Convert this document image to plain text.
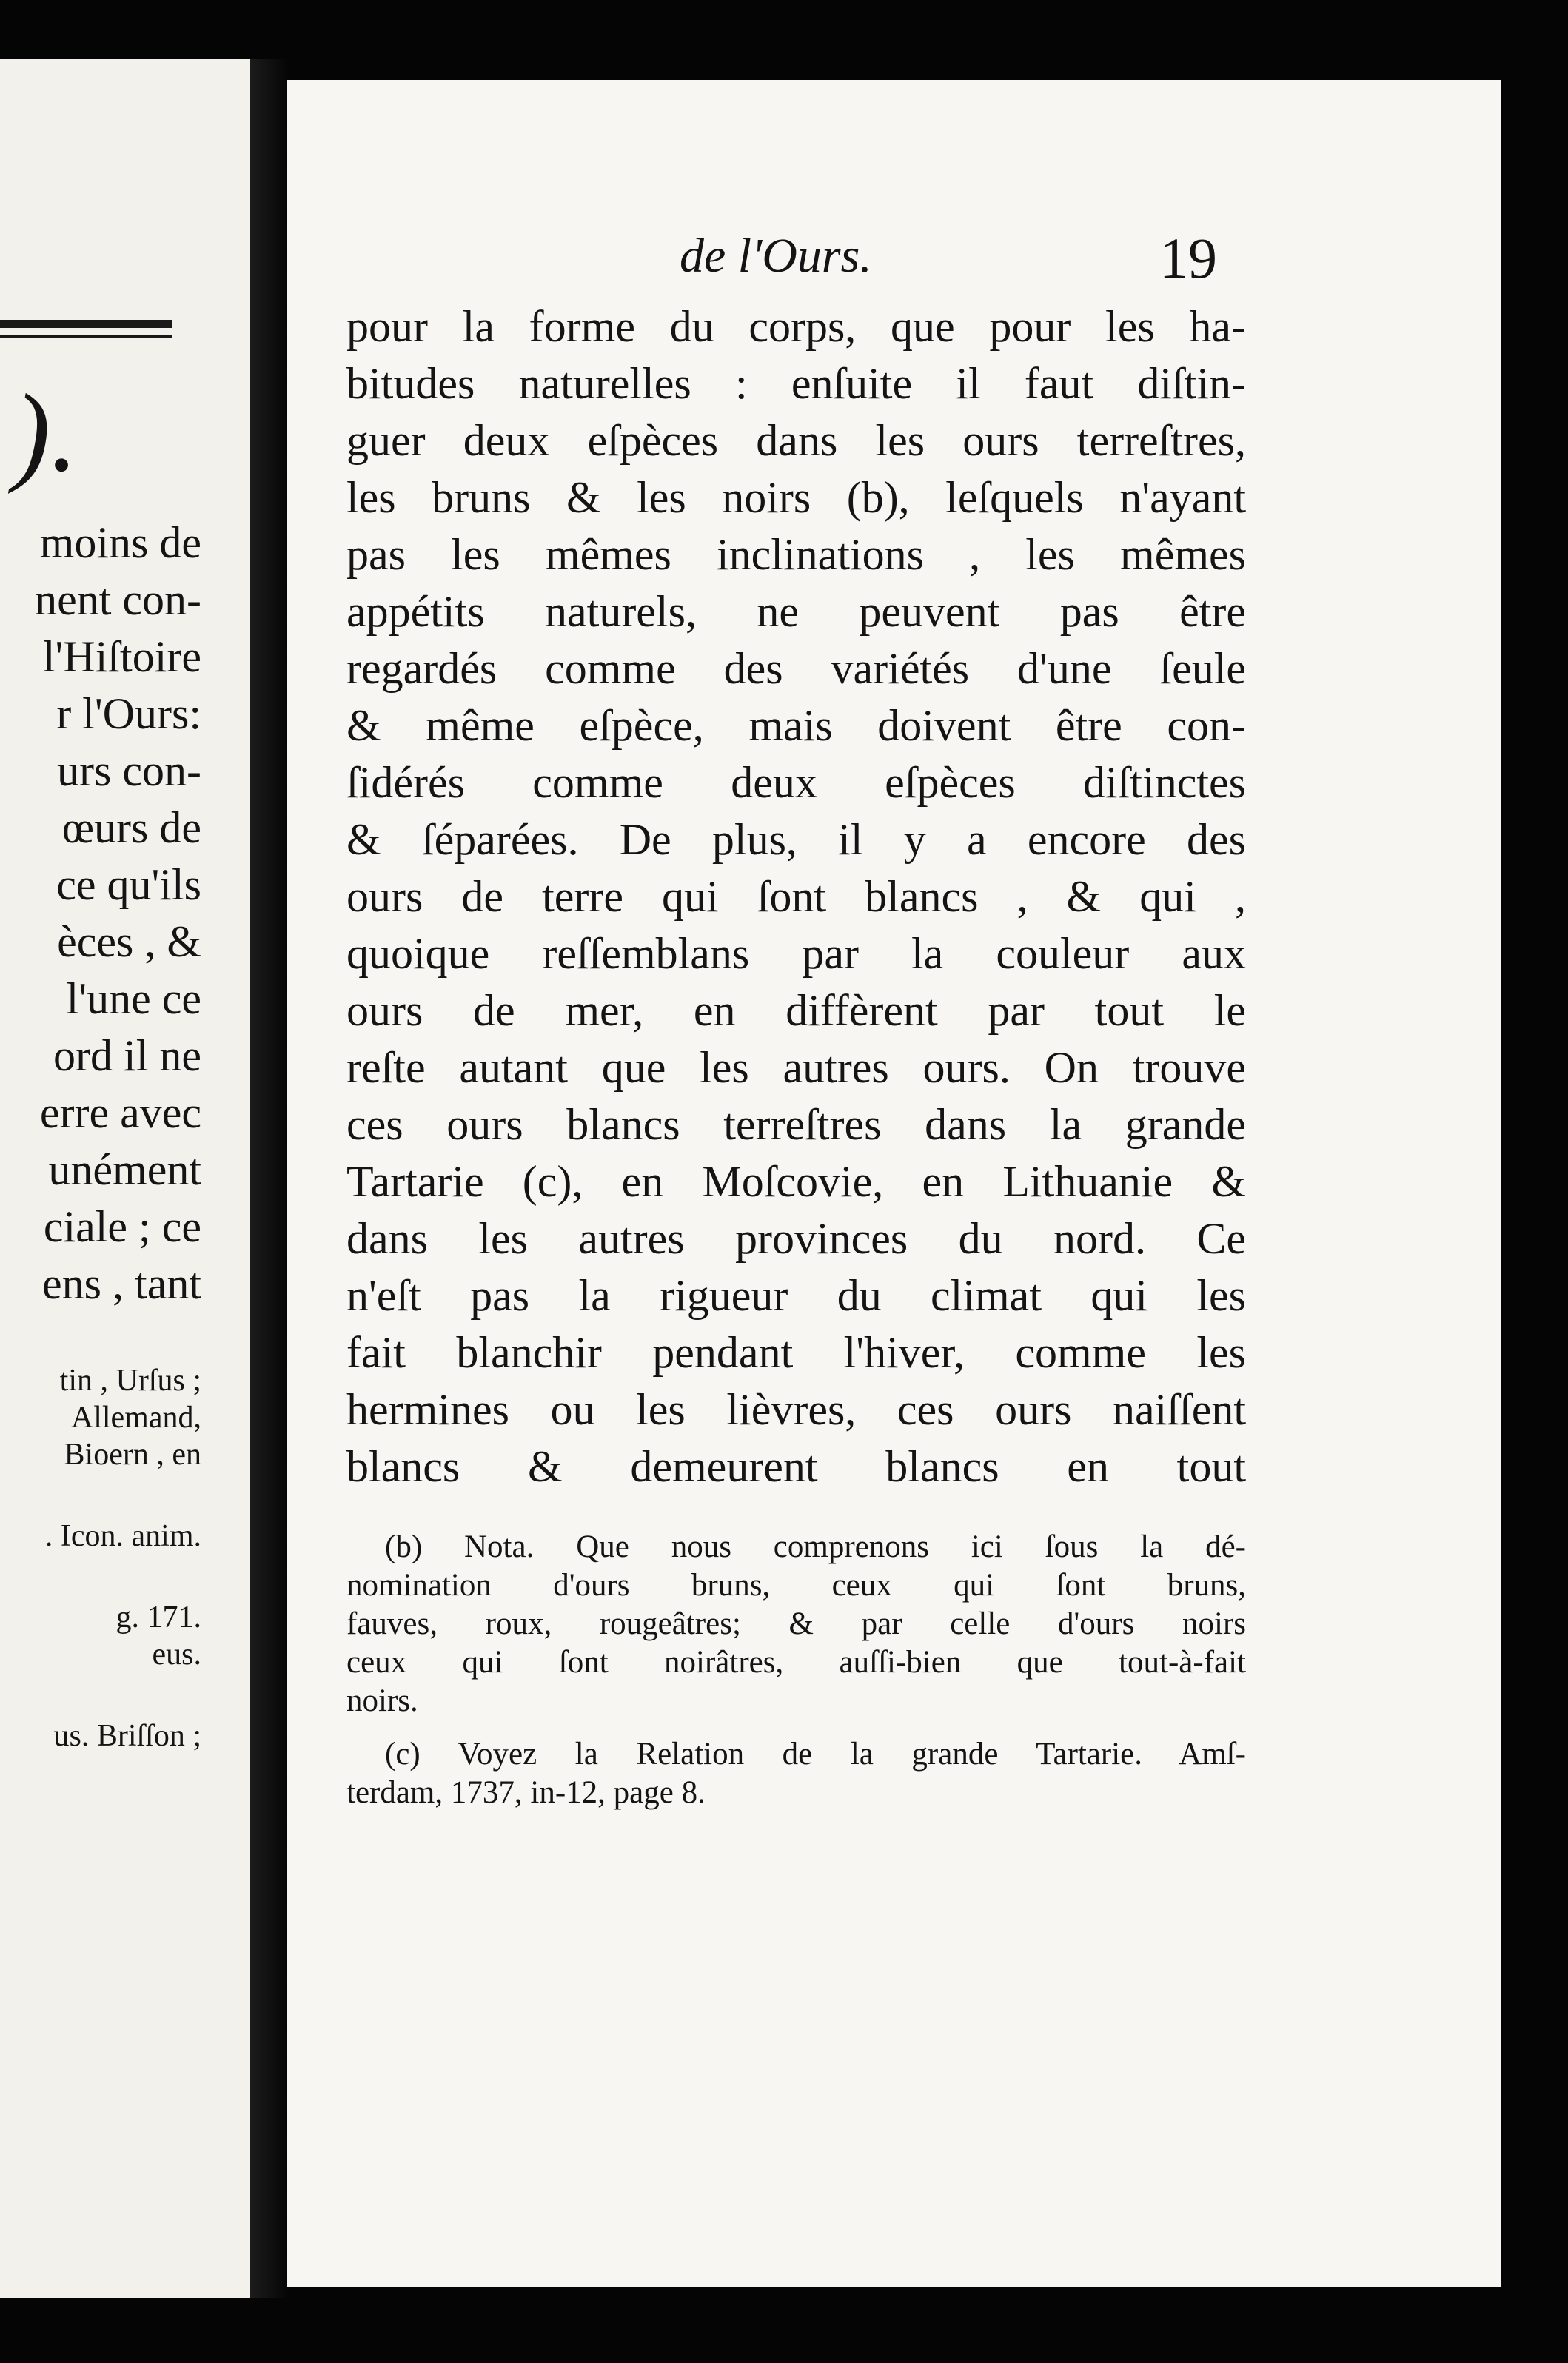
).
moins de
nent con-
l'Hiſtoire
r l'Ours:
urs con-
œurs de
ce qu'ils
èces , &
l'une ce
ord il ne
erre avec
unément
ciale ; ce
ens , tant
tin , Urſus ;
Allemand,
Bioern , en
. Icon. anim.
g. 171.
eus.
us. Briſſon ;
de l'Ours.	19
pour la forme du corps, que pour les ha-
bitudes naturelles : enſuite il faut diſtin-
guer deux eſpèces dans les ours terreſtres,
les bruns & les noirs (b), leſquels n'ayant
pas les mêmes inclinations , les mêmes
appétits naturels, ne peuvent pas être
regardés comme des variétés d'une ſeule
& même eſpèce, mais doivent être con-
ſidérés comme deux eſpèces diſtinctes
& ſéparées. De plus, il y a encore des
ours de terre qui ſont blancs , & qui ,
quoique reſſemblans par la couleur aux
ours de mer, en diffèrent par tout le
reſte autant que les autres ours. On trouve
ces ours blancs terreſtres dans la grande
Tartarie (c), en Moſcovie, en Lithuanie &
dans les autres provinces du nord. Ce
n'eſt pas la rigueur du climat qui les
fait blanchir pendant l'hiver, comme les
hermines ou les lièvres, ces ours naiſſent
blancs & demeurent blancs en tout
(b) Nota. Que nous comprenons ici ſous la dé-
nomination d'ours bruns, ceux qui ſont bruns,
fauves, roux, rougeâtres; & par celle d'ours noirs
ceux qui ſont noirâtres, auſſi-bien que tout-à-fait
noirs.
(c) Voyez la Relation de la grande Tartarie. Amſ-
terdam, 1737, in-12, page 8.
